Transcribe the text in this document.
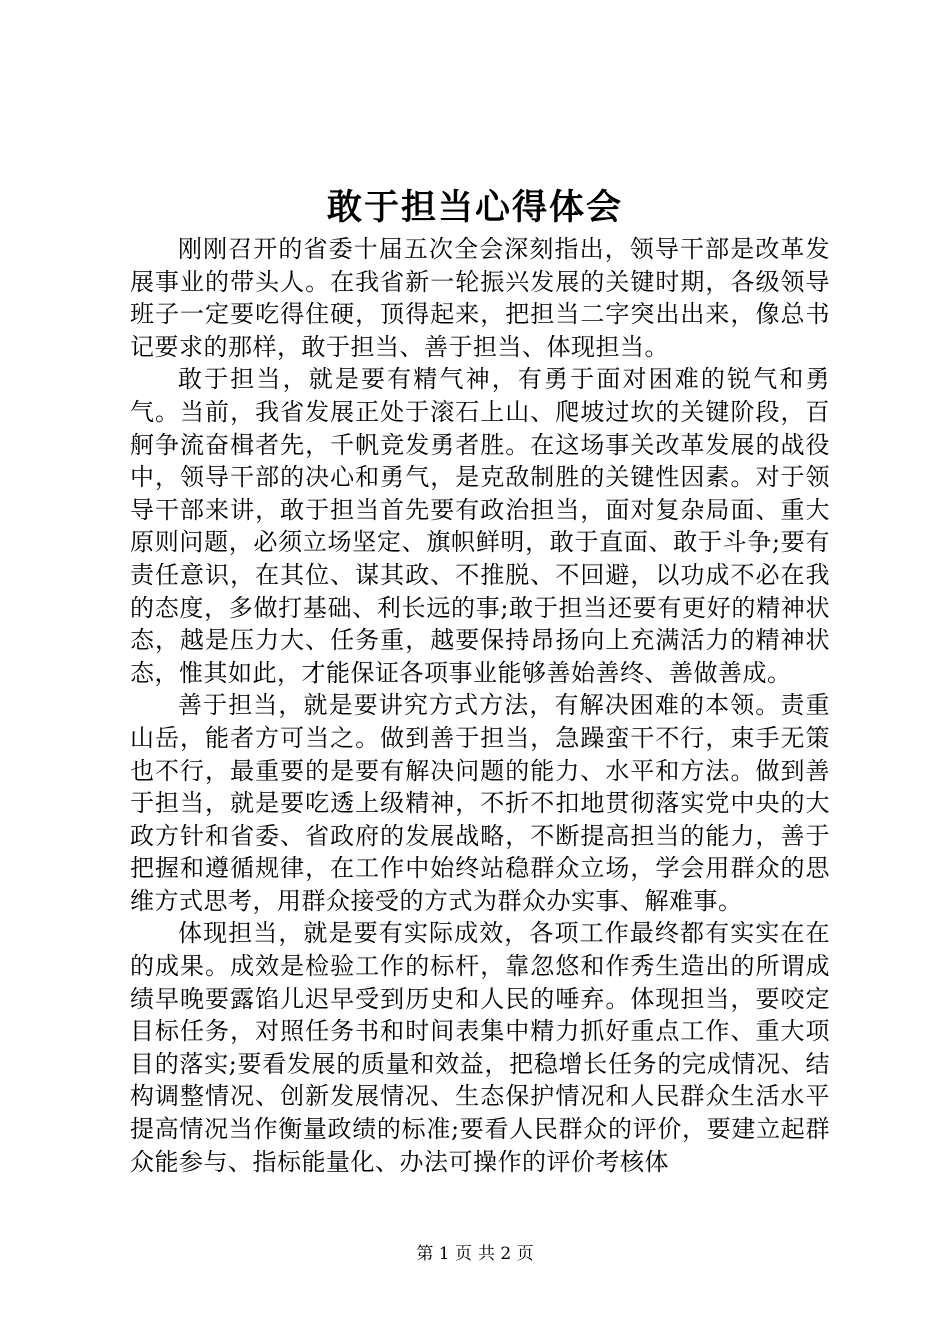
敢于担当心得体会

刚刚召开的省委十届五次全会深刻指出，领导干部是改革发展事业的带头人。在我省新一轮振兴发展的关键时期，各级领导班子一定要吃得住硬，顶得起来，把担当二字突出出来，像总书记要求的那样，敢于担当、善于担当、体现担当。

敢于担当，就是要有精气神，有勇于面对困难的锐气和勇气。当前，我省发展正处于滚石上山、爬坡过坎的关键阶段，百舸争流奋楫者先，千帆竞发勇者胜。在这场事关改革发展的战役中，领导干部的决心和勇气，是克敌制胜的关键性因素。对于领导干部来讲，敢于担当首先要有政治担当，面对复杂局面、重大原则问题，必须立场坚定、旗帜鲜明，敢于直面、敢于斗争;要有责任意识，在其位、谋其政、不推脱、不回避，以功成不必在我的态度，多做打基础、利长远的事;敢于担当还要有更好的精神状态，越是压力大、任务重，越要保持昂扬向上充满活力的精神状态，惟其如此，才能保证各项事业能够善始善终、善做善成。

善于担当，就是要讲究方式方法，有解决困难的本领。责重山岳，能者方可当之。做到善于担当，急躁蛮干不行，束手无策也不行，最重要的是要有解决问题的能力、水平和方法。做到善于担当，就是要吃透上级精神，不折不扣地贯彻落实党中央的大政方针和省委、省政府的发展战略，不断提高担当的能力，善于把握和遵循规律，在工作中始终站稳群众立场，学会用群众的思维方式思考，用群众接受的方式为群众办实事、解难事。

体现担当，就是要有实际成效，各项工作最终都有实实在在的成果。成效是检验工作的标杆，靠忽悠和作秀生造出的所谓成绩早晚要露馅儿迟早受到历史和人民的唾弃。体现担当，要咬定目标任务，对照任务书和时间表集中精力抓好重点工作、重大项目的落实;要看发展的质量和效益，把稳增长任务的完成情况、结构调整情况、创新发展情况、生态保护情况和人民群众生活水平提高情况当作衡量政绩的标准;要看人民群众的评价，要建立起群众能参与、指标能量化、办法可操作的评价考核体

第 1 页 共 2 页
